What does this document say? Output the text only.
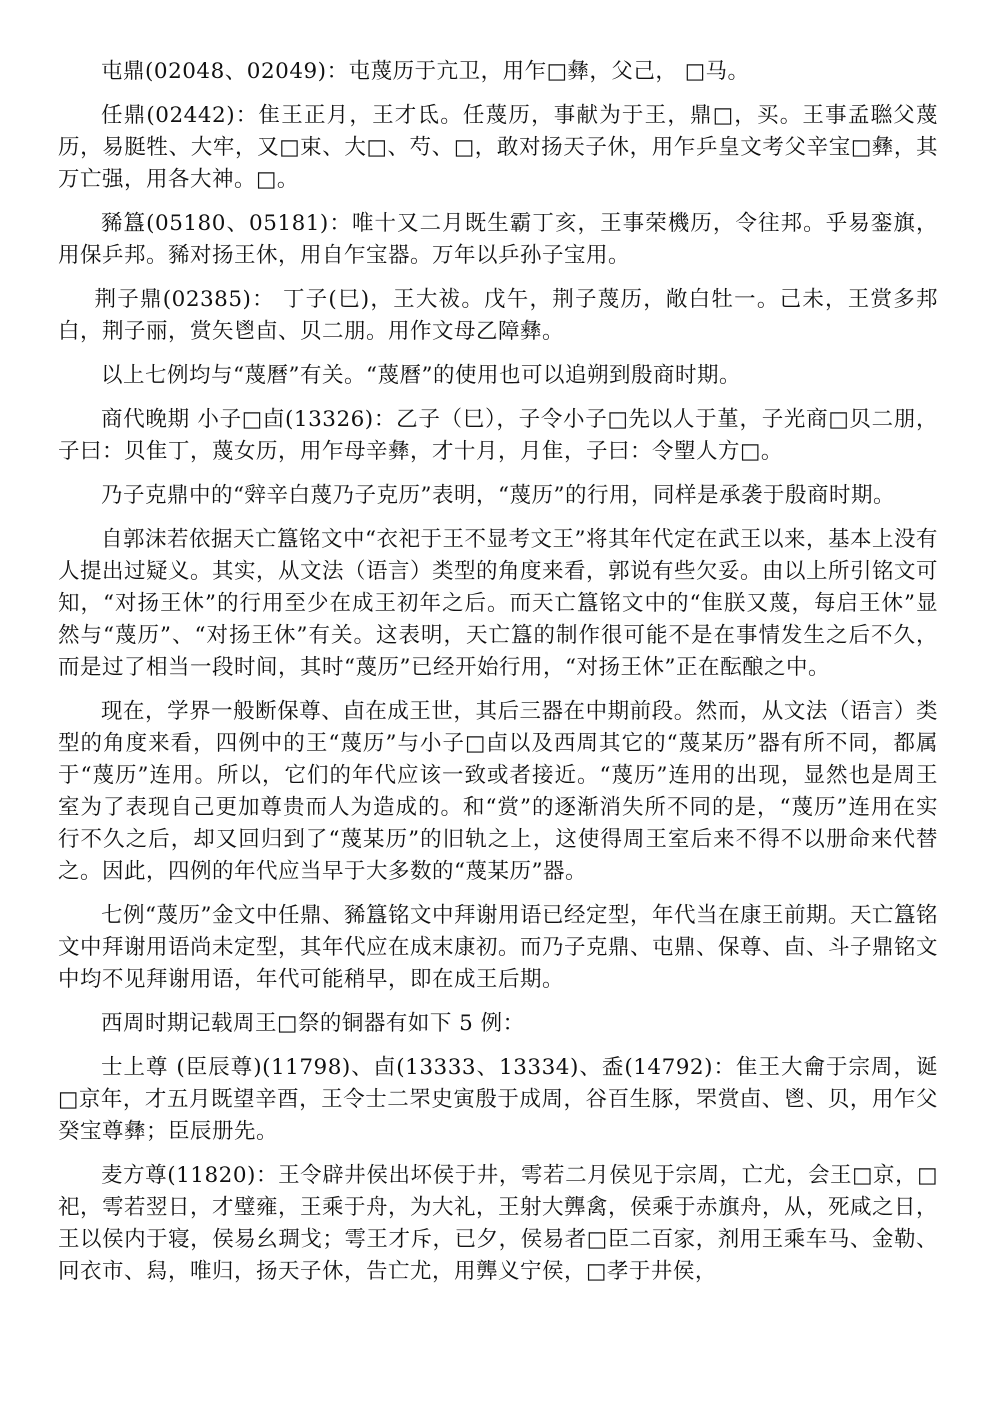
屯鼎(02048、02049)：屯蔑历于亢卫，用乍□彝，父己， □马。

任鼎(02442)：隹王正月，王才氐。任蔑历，事献为于王，鼎□，买。王事孟聮父蔑历，易脡牲、大牢，又□束、大□、芍、□，敢对扬天子休，用乍乒皇文考父辛宝□彝，其万亡强，用各大神。□。

豨簋(05180、05181)：唯十又二月既生霸丁亥，王事荣機历，令往邦。乎易銮旗，用保乒邦。豨对扬王休，用自乍宝器。万年以乒孙子宝用。

荆子鼎(02385)： 丁子(巳)，王大祓。戊午，荆子蔑历，敞白牡一。己未，王赏多邦白，荆子丽，赏矢鬯卣、贝二朋。用作文母乙障彝。

以上七例均与“蔑曆”有关。“蔑曆”的使用也可以追朔到殷商时期。

商代晚期 小子□卣(13326)：乙子（巳），子令小子□先以人于堇，子光商□贝二朋，子曰：贝隹丁，蔑女历，用乍母辛彝，才十月，月隹，子曰：令朢人方□。

乃子克鼎中的“辤辛白蔑乃子克历”表明，“蔑历”的行用，同样是承袭于殷商时期。

自郭沫若依据天亡簋铭文中“衣祀于王不显考文王”将其年代定在武王以来，基本上没有人提出过疑义。其实，从文法（语言）类型的角度来看，郭说有些欠妥。由以上所引铭文可知，“对扬王休”的行用至少在成王初年之后。而天亡簋铭文中的“隹朕又蔑，每启王休”显然与“蔑历”、“对扬王休”有关。这表明，天亡簋的制作很可能不是在事情发生之后不久，而是过了相当一段时间，其时“蔑历”已经开始行用，“对扬王休”正在酝酿之中。

现在，学界一般断保尊、卣在成王世，其后三器在中期前段。然而，从文法（语言）类型的角度来看，四例中的王“蔑历”与小子□卣以及西周其它的“蔑某历”器有所不同，都属于“蔑历”连用。所以，它们的年代应该一致或者接近。“蔑历”连用的出现，显然也是周王室为了表现自己更加尊贵而人为造成的。和“赏”的逐渐消失所不同的是，“蔑历”连用在实行不久之后，却又回归到了“蔑某历”的旧轨之上，这使得周王室后来不得不以册命来代替之。因此，四例的年代应当早于大多数的“蔑某历”器。

七例“蔑历”金文中任鼎、豨簋铭文中拜谢用语已经定型，年代当在康王前期。天亡簋铭文中拜谢用语尚未定型，其年代应在成末康初。而乃子克鼎、屯鼎、保尊、卣、斗子鼎铭文中均不见拜谢用语，年代可能稍早，即在成王后期。

西周时期记载周王□祭的铜器有如下 5 例：

士上尊 (臣辰尊)(11798)、卣(13333、13334)、盉(14792)：隹王大龠于宗周，诞□京年，才五月既望辛酉，王令士二罘史寅殷于成周，谷百生豚，罘赏卣、鬯、贝，用乍父癸宝尊彝；臣辰册先。

麦方尊(11820)：王令辟井侯出坏侯于井，雩若二月侯见于宗周，亡尤，会王□京，□祀，雩若翌日，才璧雍，王乘于舟，为大礼，王射大龏禽，侯乘于赤旗舟，从，死咸之日，王以侯内于寝，侯易幺琱戈；雩王才斥，已夕，侯易者□臣二百家，剂用王乘车马、金勒、冋衣市、舄，唯归，扬天子休，告亡尤，用龏义宁侯，□孝于井侯，
